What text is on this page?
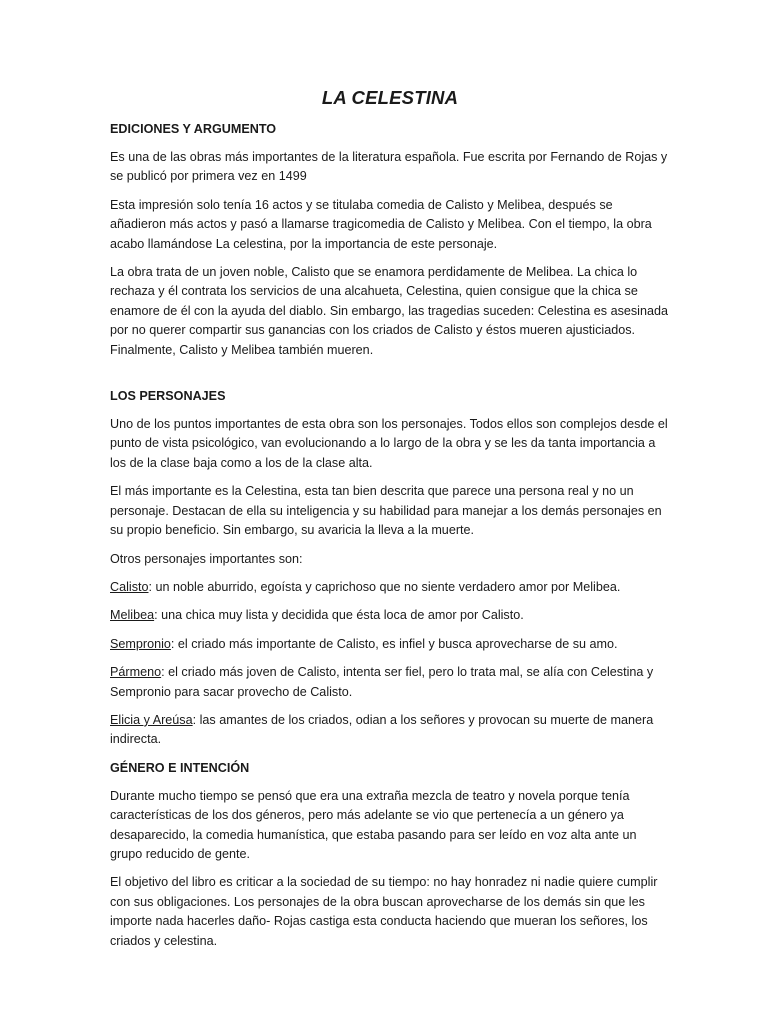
LA CELESTINA
EDICIONES Y ARGUMENTO

Es una de las obras más importantes de la literatura española. Fue escrita por Fernando de Rojas y se publicó por primera vez en 1499

Esta impresión solo tenía 16 actos y se titulaba comedia de Calisto y Melibea, después se añadieron más actos y pasó a llamarse tragicomedia de Calisto y Melibea. Con el tiempo, la obra acabo llamándose La celestina, por la importancia de este personaje.

La obra trata de un joven noble, Calisto que se enamora perdidamente de Melibea. La chica lo rechaza y él contrata los servicios de una alcahueta, Celestina, quien consigue que la chica se enamore de él con la ayuda del diablo. Sin embargo, las tragedias suceden: Celestina es asesinada por no querer compartir sus ganancias con los criados de Calisto y éstos mueren ajusticiados. Finalmente, Calisto y Melibea también mueren.

LOS PERSONAJES

Uno de los puntos importantes de esta obra son los personajes. Todos ellos son complejos desde el punto de vista psicológico, van evolucionando a lo largo de la obra y se les da tanta importancia a los de la clase baja como a los de la clase alta.

El más importante es la Celestina, esta tan bien descrita que parece una persona real y no un personaje. Destacan de ella su inteligencia y su habilidad para manejar a los demás personajes en su propio beneficio. Sin embargo, su avaricia la lleva a la muerte.

Otros personajes importantes son:

Calisto: un noble aburrido, egoísta y caprichoso que no siente verdadero amor por Melibea.

Melibea: una chica muy lista y decidida que ésta loca de amor por Calisto.

Sempronio: el criado más importante de Calisto, es infiel y busca aprovecharse de su amo.

Pármeno: el criado más joven de Calisto, intenta ser fiel, pero lo trata mal, se alía con Celestina y Sempronio para sacar provecho de Calisto.

Elicia y Areúsa: las amantes de los criados, odian a los señores y provocan su muerte de manera indirecta.

GÉNERO E INTENCIÓN

Durante mucho tiempo se pensó que era una extraña mezcla de teatro y novela porque tenía características de los dos géneros, pero más adelante se vio que pertenecía a un género ya desaparecido, la comedia humanística, que estaba pasando para ser leído en voz alta ante un grupo reducido de gente.

El objetivo del libro es criticar a la sociedad de su tiempo: no hay honradez ni nadie quiere cumplir con sus obligaciones. Los personajes de la obra buscan aprovecharse de los demás sin que les importe nada hacerles daño- Rojas castiga esta conducta haciendo que mueran los señores, los criados y celestina.
